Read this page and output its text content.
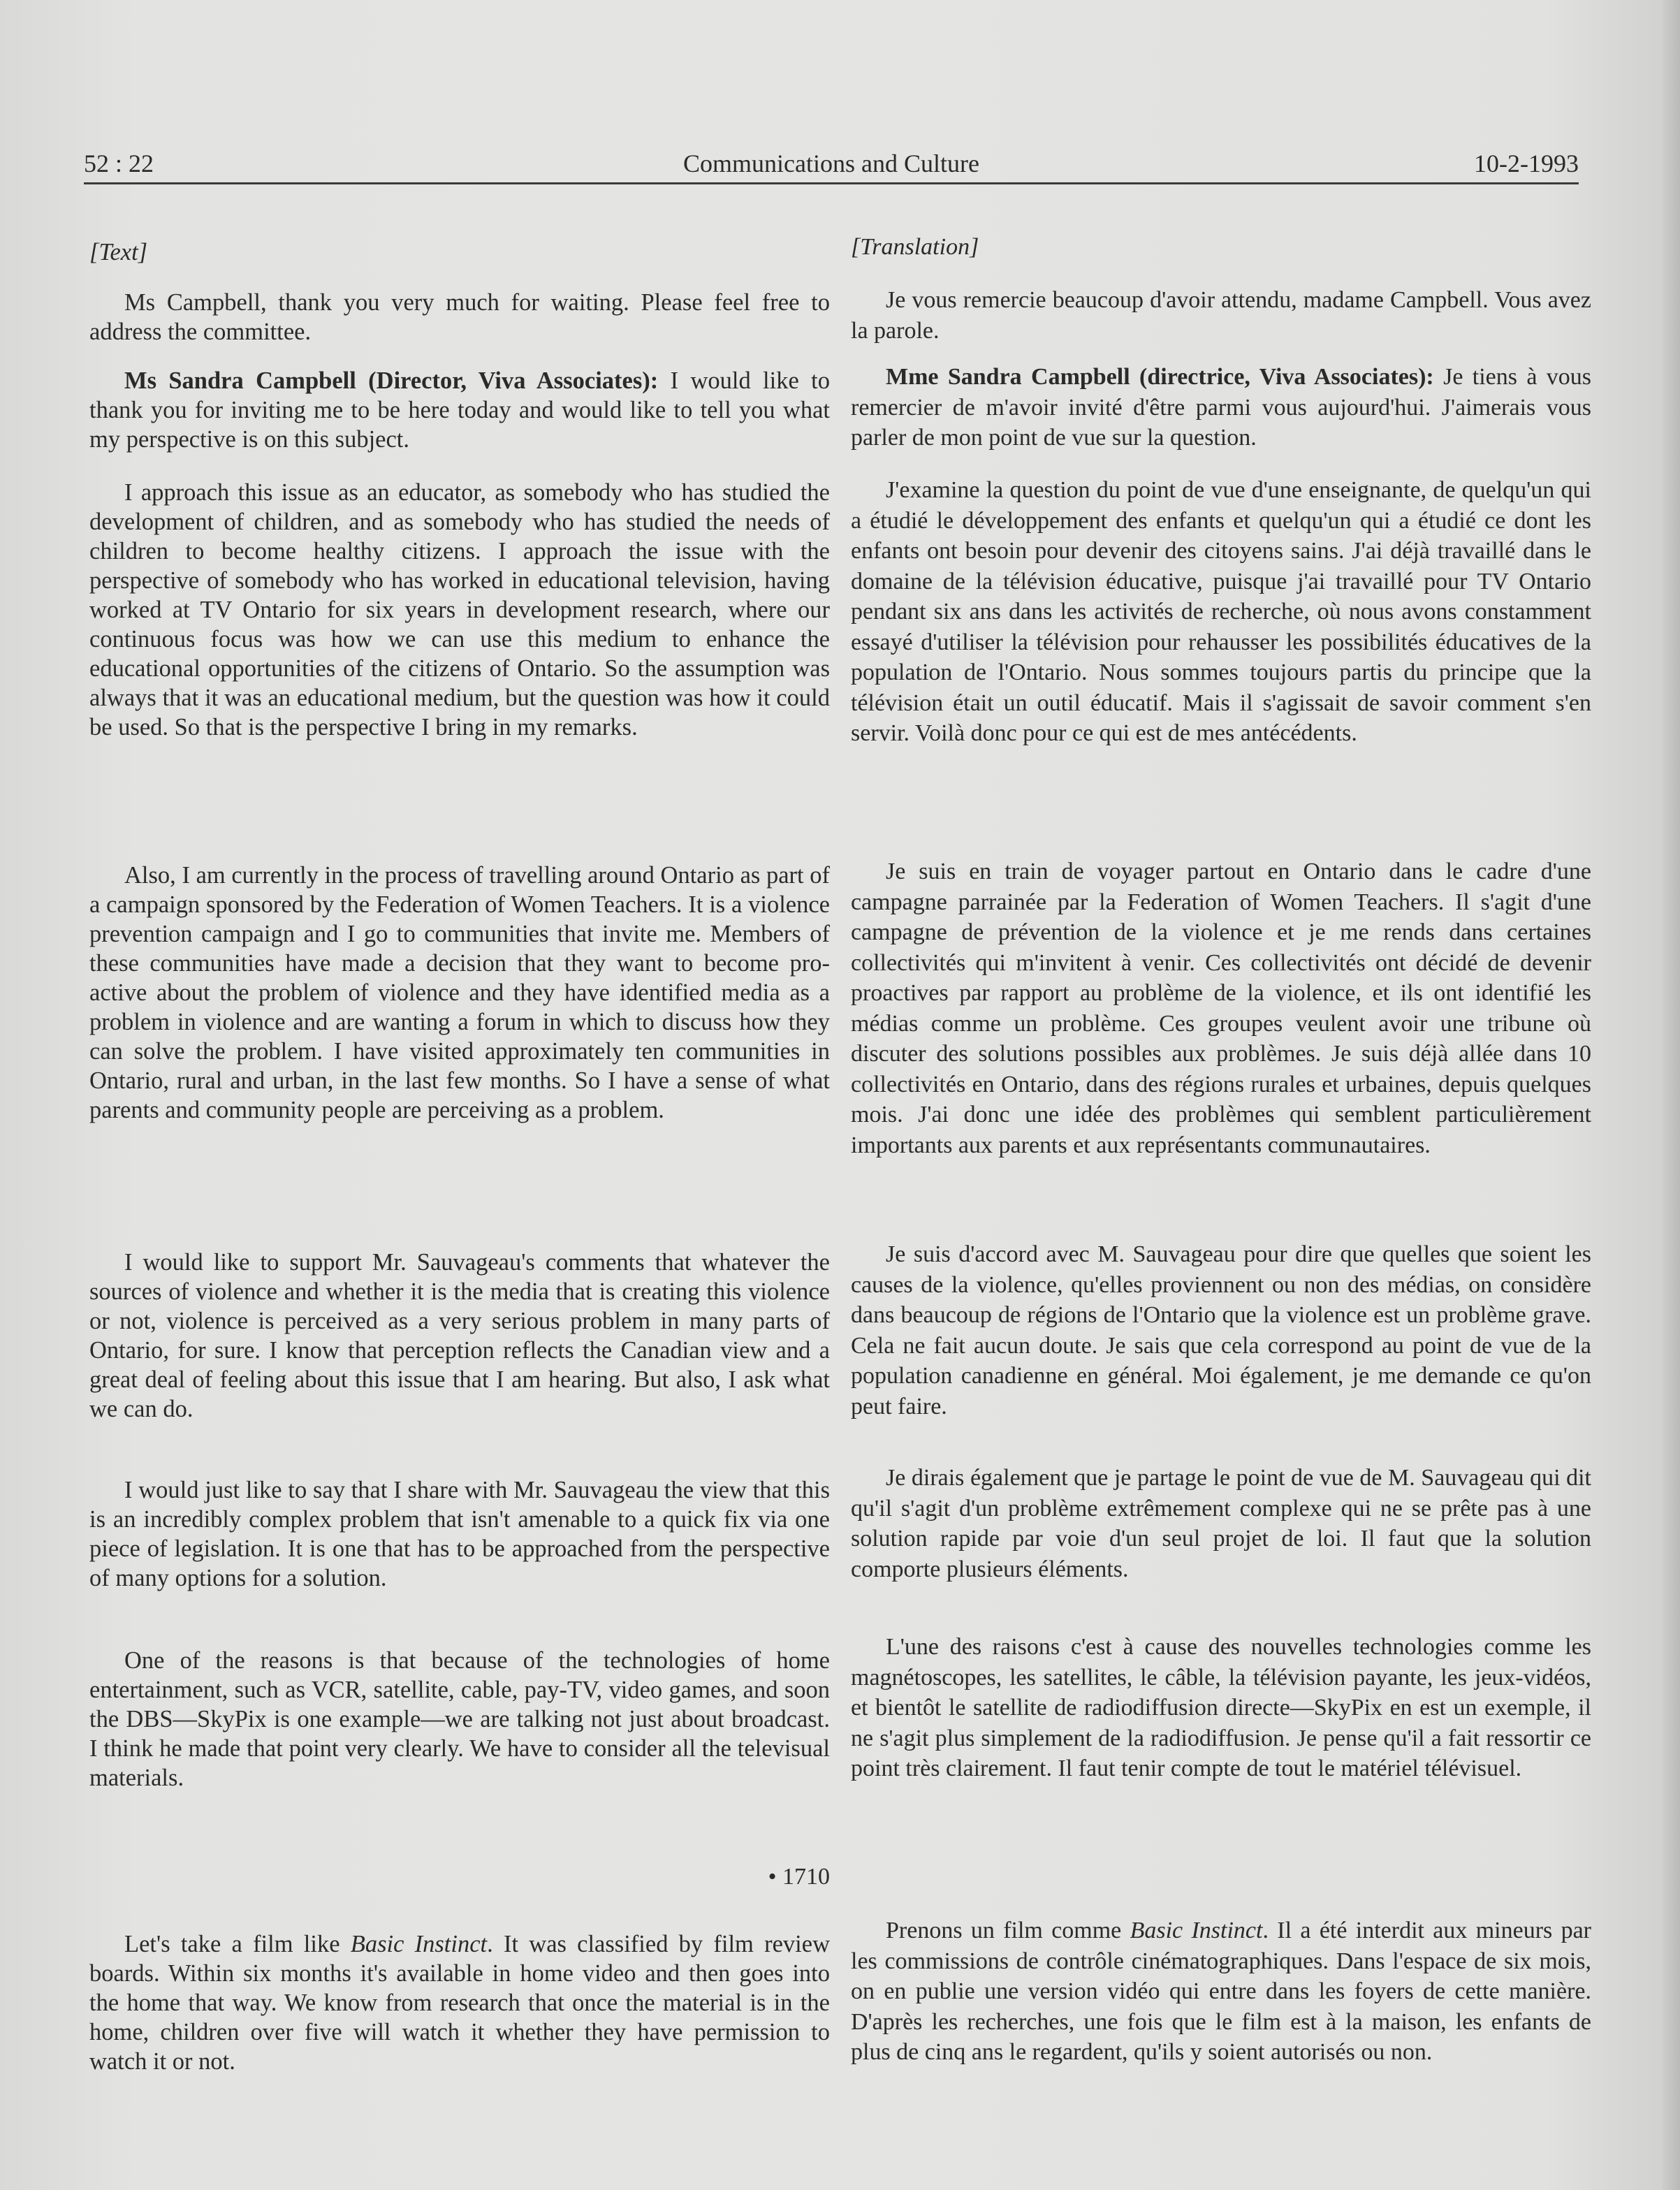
52 : 22	Communications and Culture	10-2-1993

[Text]

Ms Campbell, thank you very much for waiting. Please feel free to address the committee.

Ms Sandra Campbell (Director, Viva Associates): I would like to thank you for inviting me to be here today and would like to tell you what my perspective is on this subject.

I approach this issue as an educator, as somebody who has studied the development of children, and as somebody who has studied the needs of children to become healthy citizens. I approach the issue with the perspective of somebody who has worked in educational television, having worked at TV Ontario for six years in development research, where our continuous focus was how we can use this medium to enhance the educational opportunities of the citizens of Ontario. So the assumption was always that it was an educational medium, but the question was how it could be used. So that is the perspective I bring in my remarks.

Also, I am currently in the process of travelling around Ontario as part of a campaign sponsored by the Federation of Women Teachers. It is a violence prevention campaign and I go to communities that invite me. Members of these communities have made a decision that they want to become pro-active about the problem of violence and they have identified media as a problem in violence and are wanting a forum in which to discuss how they can solve the problem. I have visited approximately ten communities in Ontario, rural and urban, in the last few months. So I have a sense of what parents and community people are perceiving as a problem.

I would like to support Mr. Sauvageau's comments that whatever the sources of violence and whether it is the media that is creating this violence or not, violence is perceived as a very serious problem in many parts of Ontario, for sure. I know that perception reflects the Canadian view and a great deal of feeling about this issue that I am hearing. But also, I ask what we can do.

I would just like to say that I share with Mr. Sauvageau the view that this is an incredibly complex problem that isn't amenable to a quick fix via one piece of legislation. It is one that has to be approached from the perspective of many options for a solution.

One of the reasons is that because of the technologies of home entertainment, such as VCR, satellite, cable, pay-TV, video games, and soon the DBS—SkyPix is one example—we are talking not just about broadcast. I think he made that point very clearly. We have to consider all the televisual materials.

• 1710

Let's take a film like Basic Instinct. It was classified by film review boards. Within six months it's available in home video and then goes into the home that way. We know from research that once the material is in the home, children over five will watch it whether they have permission to watch it or not.

[Translation]

Je vous remercie beaucoup d'avoir attendu, madame Campbell. Vous avez la parole.

Mme Sandra Campbell (directrice, Viva Associates): Je tiens à vous remercier de m'avoir invité d'être parmi vous aujourd'hui. J'aimerais vous parler de mon point de vue sur la question.

J'examine la question du point de vue d'une enseignante, de quelqu'un qui a étudié le développement des enfants et quelqu'un qui a étudié ce dont les enfants ont besoin pour devenir des citoyens sains. J'ai déjà travaillé dans le domaine de la télévision éducative, puisque j'ai travaillé pour TV Ontario pendant six ans dans les activités de recherche, où nous avons constamment essayé d'utiliser la télévision pour rehausser les possibilités éducatives de la population de l'Ontario. Nous sommes toujours partis du principe que la télévision était un outil éducatif. Mais il s'agissait de savoir comment s'en servir. Voilà donc pour ce qui est de mes antécédents.

Je suis en train de voyager partout en Ontario dans le cadre d'une campagne parrainée par la Federation of Women Teachers. Il s'agit d'une campagne de prévention de la violence et je me rends dans certaines collectivités qui m'invitent à venir. Ces collectivités ont décidé de devenir proactives par rapport au problème de la violence, et ils ont identifié les médias comme un problème. Ces groupes veulent avoir une tribune où discuter des solutions possibles aux problèmes. Je suis déjà allée dans 10 collectivités en Ontario, dans des régions rurales et urbaines, depuis quelques mois. J'ai donc une idée des problèmes qui semblent particulièrement importants aux parents et aux représentants communautaires.

Je suis d'accord avec M. Sauvageau pour dire que quelles que soient les causes de la violence, qu'elles proviennent ou non des médias, on considère dans beaucoup de régions de l'Ontario que la violence est un problème grave. Cela ne fait aucun doute. Je sais que cela correspond au point de vue de la population canadienne en général. Moi également, je me demande ce qu'on peut faire.

Je dirais également que je partage le point de vue de M. Sauvageau qui dit qu'il s'agit d'un problème extrêmement complexe qui ne se prête pas à une solution rapide par voie d'un seul projet de loi. Il faut que la solution comporte plusieurs éléments.

L'une des raisons c'est à cause des nouvelles technologies comme les magnétoscopes, les satellites, le câble, la télévision payante, les jeux-vidéos, et bientôt le satellite de radiodiffusion directe—SkyPix en est un exemple, il ne s'agit plus simplement de la radiodiffusion. Je pense qu'il a fait ressortir ce point très clairement. Il faut tenir compte de tout le matériel télévisuel.

Prenons un film comme Basic Instinct. Il a été interdit aux mineurs par les commissions de contrôle cinématographiques. Dans l'espace de six mois, on en publie une version vidéo qui entre dans les foyers de cette manière. D'après les recherches, une fois que le film est à la maison, les enfants de plus de cinq ans le regardent, qu'ils y soient autorisés ou non.
